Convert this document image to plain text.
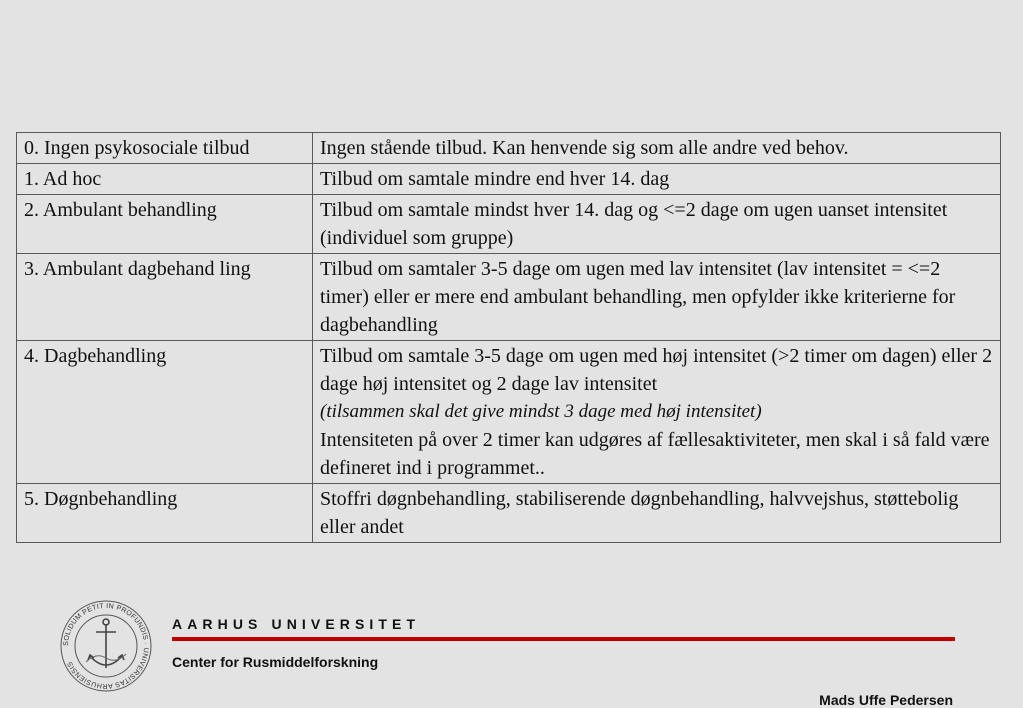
0. Ingen psykosociale tilbud	Ingen stående tilbud. Kan henvende sig som alle andre ved behov.

1. Ad hoc	Tilbud om samtale mindre end hver 14. dag

2. Ambulant behandling	Tilbud om samtale mindst hver 14. dag og <=2 dage om ugen uanset intensitet (individuel som gruppe)

3. Ambulant dagbehand ling	Tilbud om samtaler 3-5 dage om ugen med lav intensitet (lav intensitet = <=2 timer) eller er mere end ambulant behandling, men opfylder ikke kriterierne for dagbehandling

4. Dagbehandling	Tilbud om samtale 3-5 dage om ugen med høj intensitet (>2 timer om dagen) eller 2 dage høj intensitet og 2 dage lav intensitet
(tilsammen skal det give mindst 3 dage med høj intensitet)
Intensiteten på over 2 timer kan udgøres af fællesaktiviteter, men skal i så fald være defineret ind i programmet..

5. Døgnbehandling	Stoffri døgnbehandling, stabiliserende døgnbehandling, halvvejshus, støttebolig eller andet
SOLIDUM PETIT IN PROFUNDIS · UNIVERSITAS ARHUSIENSIS
AARHUS UNIVERSITET
Center for Rusmiddelforskning
Mads Uffe Pedersen
